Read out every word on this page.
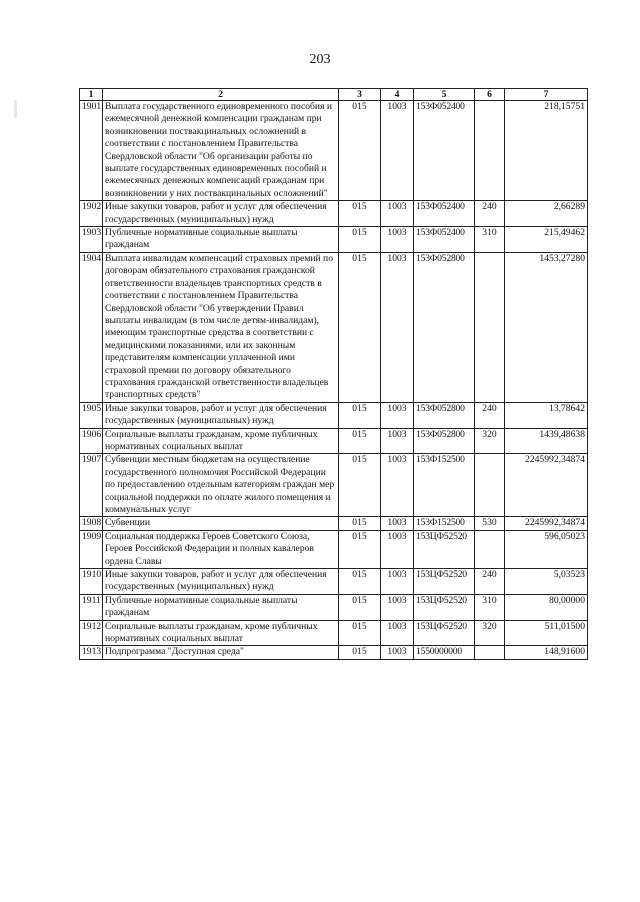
203
1	2	3	4	5	6	7
1901	Выплата государственного единовременного пособия и ежемесячной денежной компенсации гражданам при возникновении поствакцинальных осложнений в соответствии с постановлением Правительства Свердловской области "Об организации работы по выплате государственных единовременных пособий и ежемесячных денежных компенсаций гражданам при возникновении у них поствакцинальных осложнений"	015	1003	153Ф052400		218,15751
1902	Иные закупки товаров, работ и услуг для обеспечения государственных (муниципальных) нужд	015	1003	153Ф052400	240	2,66289
1903	Публичные нормативные социальные выплаты гражданам	015	1003	153Ф052400	310	215,49462
1904	Выплата инвалидам компенсаций страховых премий по договорам обязательного страхования гражданской ответственности владельцев транспортных средств в соответствии с постановлением Правительства Свердловской области "Об утверждении Правил выплаты инвалидам (в том числе детям-инвалидам), имеющим транспортные средства в соответствии с медицинскими показаниями, или их законным представителям компенсации уплаченной ими страховой премии по договору обязательного страхования гражданской ответственности владельцев транспортных средств"	015	1003	153Ф052800		1453,27280
1905	Иные закупки товаров, работ и услуг для обеспечения государственных (муниципальных) нужд	015	1003	153Ф052800	240	13,78642
1906	Социальные выплаты гражданам, кроме публичных нормативных социальных выплат	015	1003	153Ф052800	320	1439,48638
1907	Субвенции местным бюджетам на осуществление государственного полномочия Российской Федерации по предоставлению отдельным категориям граждан мер социальной поддержки по оплате жилого помещения и коммунальных услуг	015	1003	153Ф152500		2245992,34874
1908	Субвенции	015	1003	153Ф152500	530	2245992,34874
1909	Социальная поддержка Героев Советского Союза, Героев Российской Федерации и полных кавалеров ордена Славы	015	1003	153ЦФ52520		596,05023
1910	Иные закупки товаров, работ и услуг для обеспечения государственных (муниципальных) нужд	015	1003	153ЦФ52520	240	5,03523
1911	Публичные нормативные социальные выплаты гражданам	015	1003	153ЦФ52520	310	80,00000
1912	Социальные выплаты гражданам, кроме публичных нормативных социальных выплат	015	1003	153ЦФ52520	320	511,01500
1913	Подпрограмма "Доступная среда"	015	1003	1550000000		148,91600
